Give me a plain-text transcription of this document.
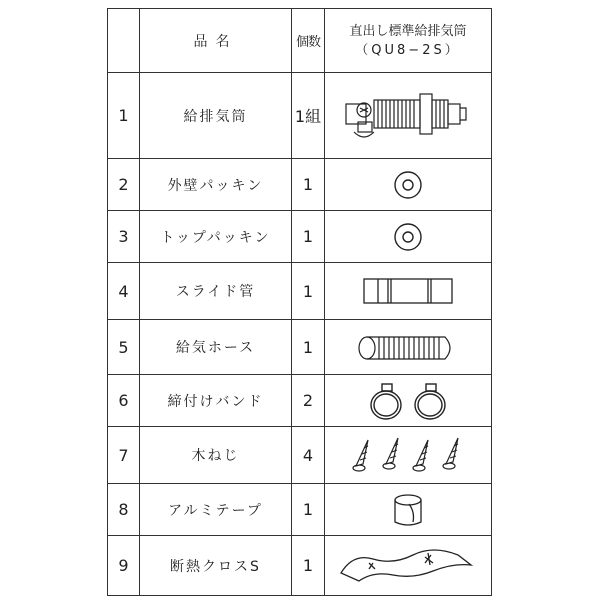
	品名	個数	直出し標準給排気筒
（QU8−2S）

1	給排気筒	1組	

2	外壁パッキン	1	

3	トップパッキン	1	

4	スライド管	1	

5	給気ホース	1	

6	締付けバンド	2	

7	木ねじ	4	

8	アルミテープ	1	

9	断熱クロスS	1	
